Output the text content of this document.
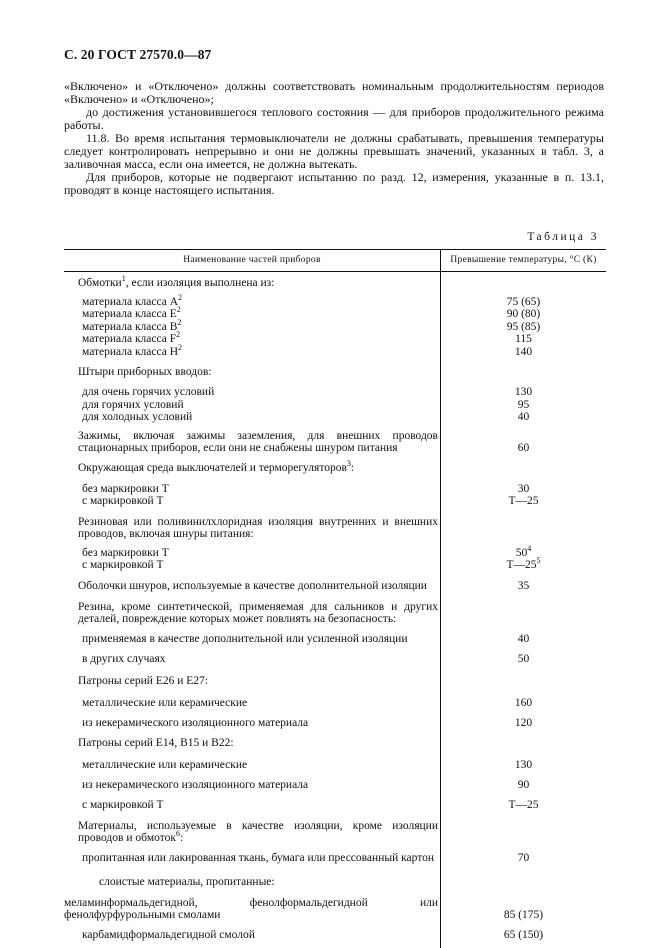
С. 20 ГОСТ 27570.0—87

«Включено» и «Отключено» должны соответствовать номинальным продолжительностям периодов «Включено» и «Отключено»;

до достижения установившегося теплового состояния — для приборов продолжительного режима работы.

11.8. Во время испытания термовыключатели не должны срабатывать, превышения температуры следует контролировать непрерывно и они не должны превышать значений, указанных в табл. 3, а заливочная масса, если она имеется, не должна вытекать.

Для приборов, которые не подвергают испытанию по разд. 12, измерения, указанные в п. 13.1, проводят в конце настоящего испытания.

Таблица 3
Наименование частей приборов	Превышение температуры, °С (К)
Обмотки$^1$, если изоляция выполнена из:	

материала класса $А^2$	75 (65)
материала класса $Е^2$	90 (80)
материала класса $В^2$	95 (85)
материала класса $F^2$	115
материала класса $Н^2$	140
Штыри приборных вводов:	

для очень горячих условий	130
для горячих условий	95
для холодных условий	40

Зажимы, включая зажимы заземления, для внешних проводов стационарных приборов, если они не снабжены шнуром питания	60
Окружающая среда выключателей и терморегуляторов$^3$:	

без маркировки Т	30
с маркировкой Т	Т—25

Резиновая или поливинилхлоридная изоляция внутренних и внешних проводов, включая шнуры питания:	

без маркировки Т	$50^4$
с маркировкой Т	$Т—25^5$
Оболочки шнуров, используемые в качестве дополнительной изоляции	35

Резина, кроме синтетической, применяемая для сальников и других деталей, повреждение которых может повлиять на безопасность:	
применяемая в качестве дополнительной или усиленной изоляции	40
в других случаях	50
Патроны серий Е26 и Е27:	
металлические или керамические	160
из некерамического изоляционного материала	120
Патроны серий Е14, В15 и В22:	
металлические или керамические	130
из некерамического изоляционного материала	90
с маркировкой Т	Т—25

Материалы, используемые в качестве изоляции, кроме изоляции проводов и обмоток$^6$:	
пропитанная или лакированная ткань, бумага или прессованный картон	70
слоистые материалы, пропитанные:	

меламинформальдегидной, фенолформальдегидной или фенолфурфурольными смолами	85 (175)
карбамидформальдегидной смолой	65 (150)
